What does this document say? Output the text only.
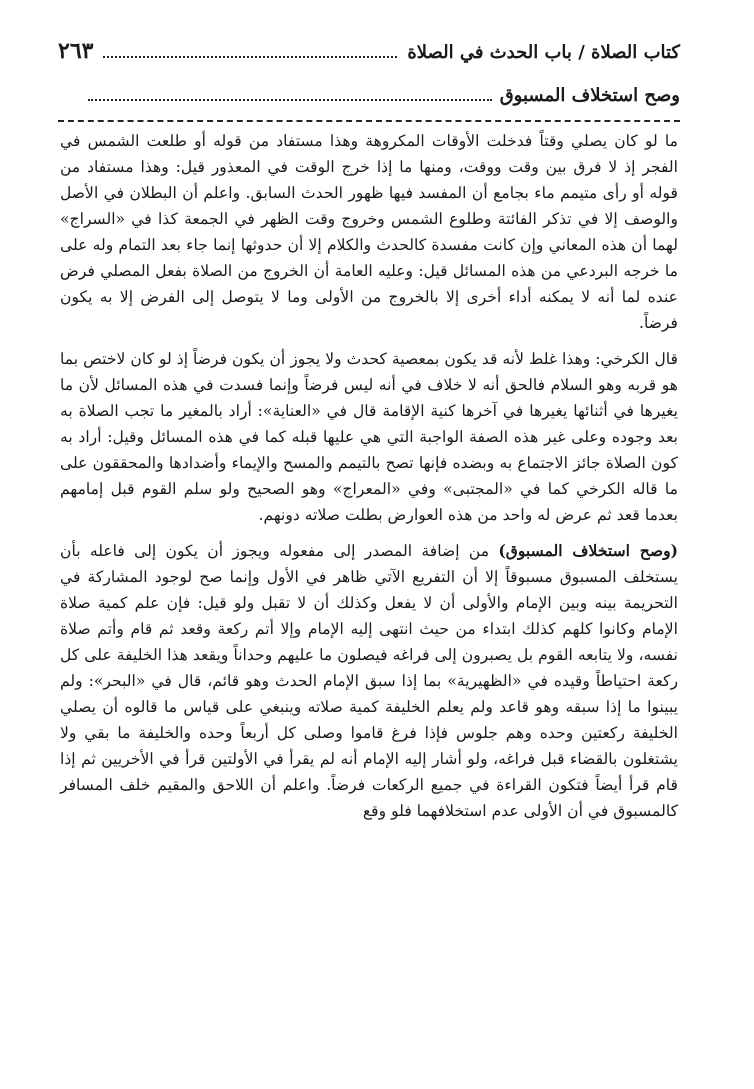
كتاب الصلاة / باب الحدث في الصلاة
٢٦٣
وصح استخلاف المسبوق

ما لو كان يصلي وقتاً فدخلت الأوقات المكروهة وهذا مستفاد من قوله أو طلعت الشمس في الفجر إذ لا فرق بين وقت ووقت، ومنها ما إذا خرج الوقت في المعذور قيل: وهذا مستفاد من قوله أو رأى متيمم ماء بجامع أن المفسد فيها ظهور الحدث السابق. واعلم أن البطلان في الأصل والوصف إلا في تذكر الفائتة وطلوع الشمس وخروج وقت الظهر في الجمعة كذا في «السراج» لهما أن هذه المعاني وإن كانت مفسدة كالحدث والكلام إلا أن حدوثها إنما جاء بعد التمام وله على ما خرجه البردعي من هذه المسائل قيل: وعليه العامة أن الخروج من الصلاة بفعل المصلي فرض عنده لما أنه لا يمكنه أداء أخرى إلا بالخروج من الأولى وما لا يتوصل إلى الفرض إلا به يكون فرضاً.

قال الكرخي: وهذا غلط لأنه قد يكون بمعصية كحدث ولا يجوز أن يكون فرضاً إذ لو كان لاختص بما هو قربه وهو السلام فالحق أنه لا خلاف في أنه ليس فرضاً وإنما فسدت في هذه المسائل لأن ما يغيرها في أثنائها يغيرها في آخرها كنية الإقامة قال في «العناية»: أراد بالمغير ما تجب الصلاة به بعد وجوده وعلى غير هذه الصفة الواجبة التي هي عليها قبله كما في هذه المسائل وقيل: أراد به كون الصلاة جائز الاجتماع به وبضده فإنها تصح بالتيمم والمسح والإيماء وأضدادها والمحققون على ما قاله الكرخي كما في «المجتبى» وفي «المعراج» وهو الصحيح ولو سلم القوم قبل إمامهم بعدما قعد ثم عرض له واحد من هذه العوارض بطلت صلاته دونهم.

(وصح استخلاف المسبوق) من إضافة المصدر إلى مفعوله ويجوز أن يكون إلى فاعله بأن يستخلف المسبوق مسبوقاً إلا أن التفريع الآتي ظاهر في الأول وإنما صح لوجود المشاركة في التحريمة بينه وبين الإمام والأولى أن لا يفعل وكذلك أن لا تقبل ولو قيل: فإن علم كمية صلاة الإمام وكانوا كلهم كذلك ابتداء من حيث انتهى إليه الإمام وإلا أتم ركعة وقعد ثم قام وأتم صلاة نفسه، ولا يتابعه القوم بل يصبرون إلى فراغه فيصلون ما عليهم وحداناً ويقعد هذا الخليفة على كل ركعة احتياطاً وقيده في «الظهيرية» بما إذا سبق الإمام الحدث وهو قائم، قال في «البحر»: ولم يبينوا ما إذا سبقه وهو قاعد ولم يعلم الخليفة كمية صلاته وينبغي على قياس ما قالوه أن يصلي الخليفة ركعتين وحده وهم جلوس فإذا فرغ قاموا وصلى كل أربعاً وحده والخليفة ما بقي ولا يشتغلون بالقضاء قبل فراغه، ولو أشار إليه الإمام أنه لم يقرأ في الأولتين قرأ في الأخريين ثم إذا قام قرأ أيضاً فتكون القراءة في جميع الركعات فرضاً. واعلم أن اللاحق والمقيم خلف المسافر كالمسبوق في أن الأولى عدم استخلافهما فلو وقع
